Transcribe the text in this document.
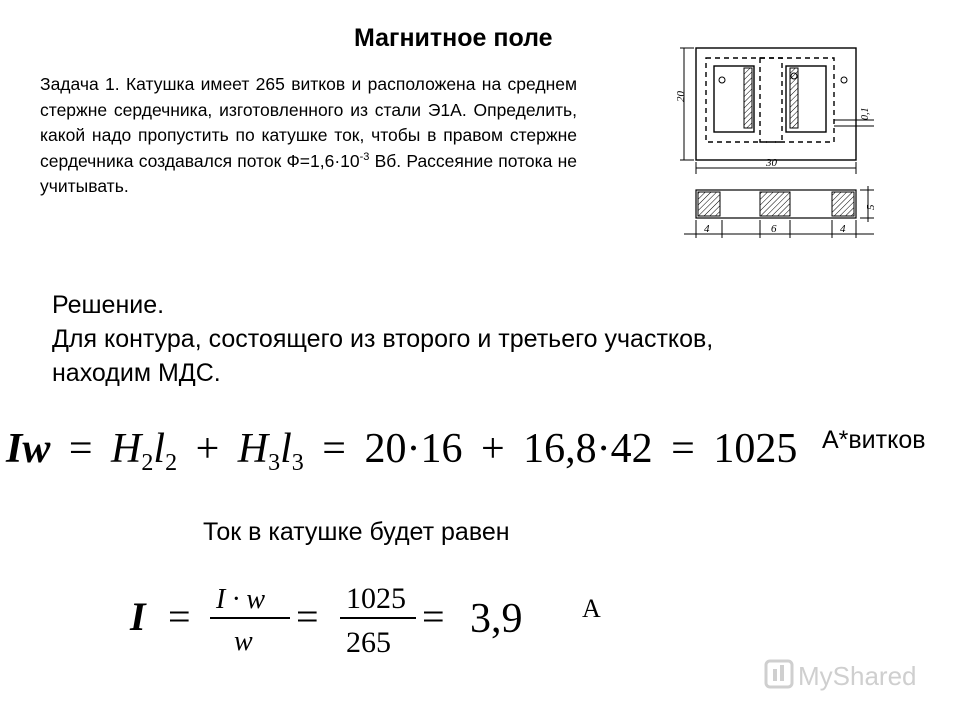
Магнитное поле
Задача 1. Катушка имеет 265 витков и расположена на среднем стержне сердечника, изготовленного из стали Э1А. Определить, какой надо пропустить по катушке ток, чтобы в правом стержне сердечника создавался поток $Ф=1,6\cdot 10^{-3}$ Вб. Рассеяние потока не учитывать.
20
30
0,1
4	6	4
5
Решение.
Для контура, состоящего из второго и третьего участков,
находим МДС.
Iw = H2l2 + H3l3 = 20·16 + 16,8·42 = 1025 А*витков
Ток в катушке будет равен
I = I · w
w
= 1025
265
= 3,9 А
MyShared
